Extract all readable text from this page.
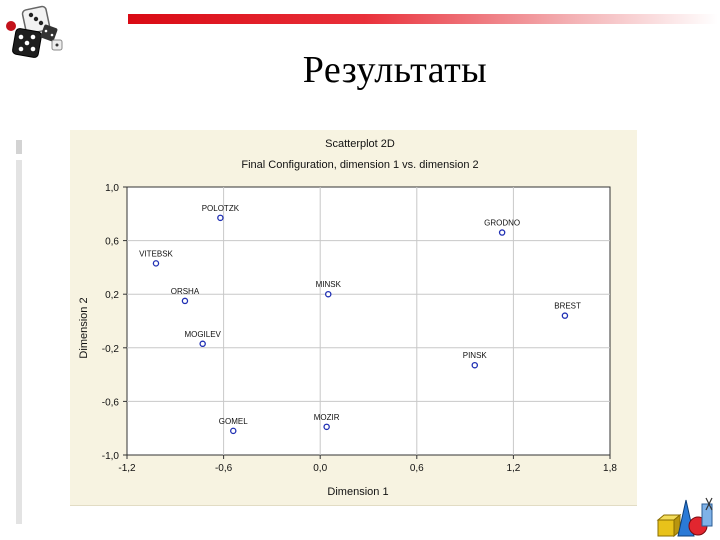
Результаты
Scatterplot 2D
Final Configuration, dimension 1 vs. dimension 2
-1,2	-0,6	0,0	0,6	1,2	1,8
1,0
0,6
0,2
-0,2
-0,6
-1,0
POLOTZK
GRODNO
VITEBSK
MINSK
ORSHA
BREST
MOGILEV
PINSK
GOMEL	MOZIR
Dimension 1
Dimension 2
